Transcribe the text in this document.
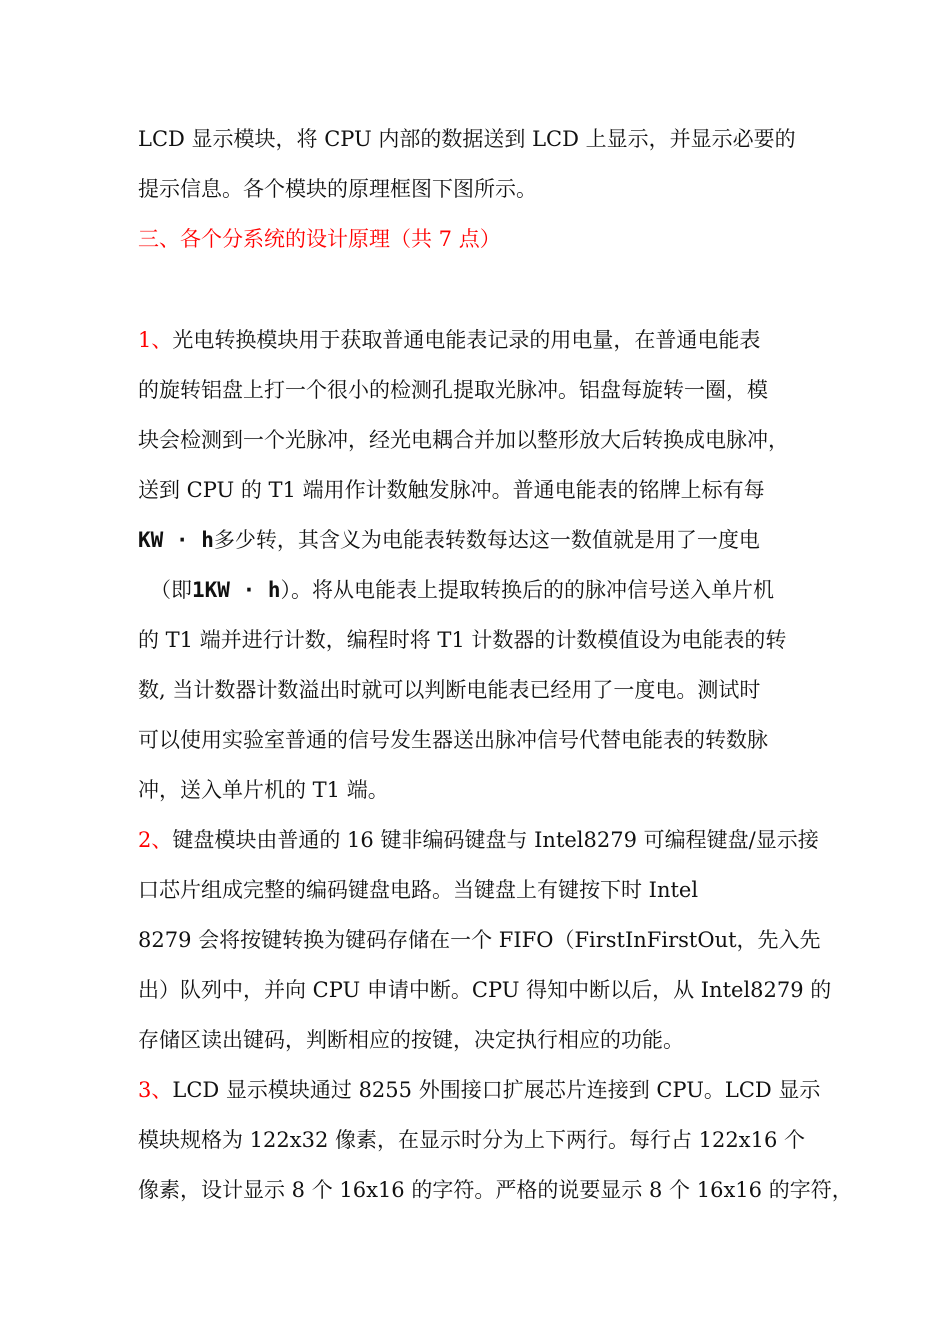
LCD 显示模块，将 CPU 内部的数据送到 LCD 上显示，并显示必要的
提示信息。各个模块的原理框图下图所示。
三、各个分系统的设计原理（共 7 点）
1、光电转换模块用于获取普通电能表记录的用电量，在普通电能表
的旋转铝盘上打一个很小的检测孔提取光脉冲。铝盘每旋转一圈，模
块会检测到一个光脉冲，经光电耦合并加以整形放大后转换成电脉冲，
送到 CPU 的 T1 端用作计数触发脉冲。普通电能表的铭牌上标有每
KW · h多少转，其含义为电能表转数每达这一数值就是用了一度电
（即1KW · h）。将从电能表上提取转换后的的脉冲信号送入单片机
的 T1 端并进行计数，编程时将 T1 计数器的计数模值设为电能表的转
数, 当计数器计数溢出时就可以判断电能表已经用了一度电。测试时
可以使用实验室普通的信号发生器送出脉冲信号代替电能表的转数脉
冲，送入单片机的 T1 端。
2、键盘模块由普通的 16 键非编码键盘与 Intel8279 可编程键盘/显示接
口芯片组成完整的编码键盘电路。当键盘上有键按下时 Intel
8279 会将按键转换为键码存储在一个 FIFO（FirstInFirstOut，先入先
出）队列中，并向 CPU 申请中断。CPU 得知中断以后，从 Intel8279 的
存储区读出键码，判断相应的按键，决定执行相应的功能。
3、LCD 显示模块通过 8255 外围接口扩展芯片连接到 CPU。LCD 显示
模块规格为 122x32 像素，在显示时分为上下两行。每行占 122x16 个
像素，设计显示 8 个 16x16 的字符。严格的说要显示 8 个 16x16 的字符，
